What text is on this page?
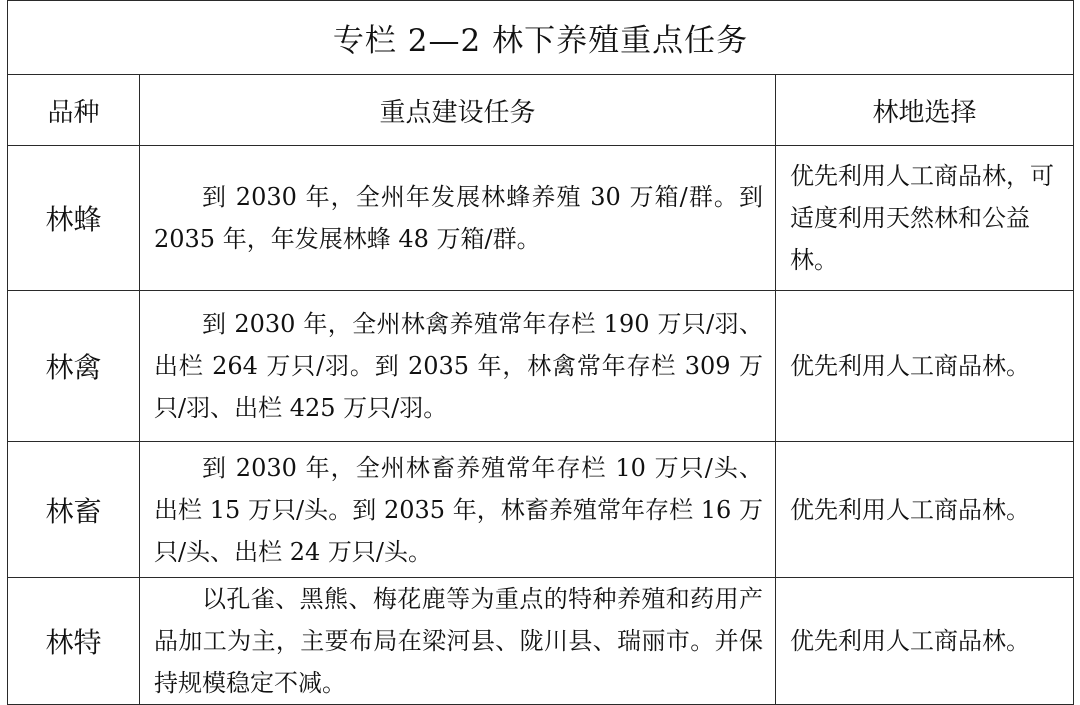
专栏 2—2 林下养殖重点任务		
品种	重点建设任务	林地选择
林蜂	到 2030 年，全州年发展林蜂养殖 30 万箱/群。到 2035 年，年发展林蜂 48 万箱/群。	优先利用人工商品林，可适度利用天然林和公益林。
林禽	到 2030 年，全州林禽养殖常年存栏 190 万只/羽、出栏 264 万只/羽。到 2035 年，林禽常年存栏 309 万只/羽、出栏 425 万只/羽。	优先利用人工商品林。
林畜	到 2030 年，全州林畜养殖常年存栏 10 万只/头、出栏 15 万只/头。到 2035 年，林畜养殖常年存栏 16 万只/头、出栏 24 万只/头。	优先利用人工商品林。
林特	以孔雀、黑熊、梅花鹿等为重点的特种养殖和药用产品加工为主，主要布局在梁河县、陇川县、瑞丽市。并保持规模稳定不减。	优先利用人工商品林。
